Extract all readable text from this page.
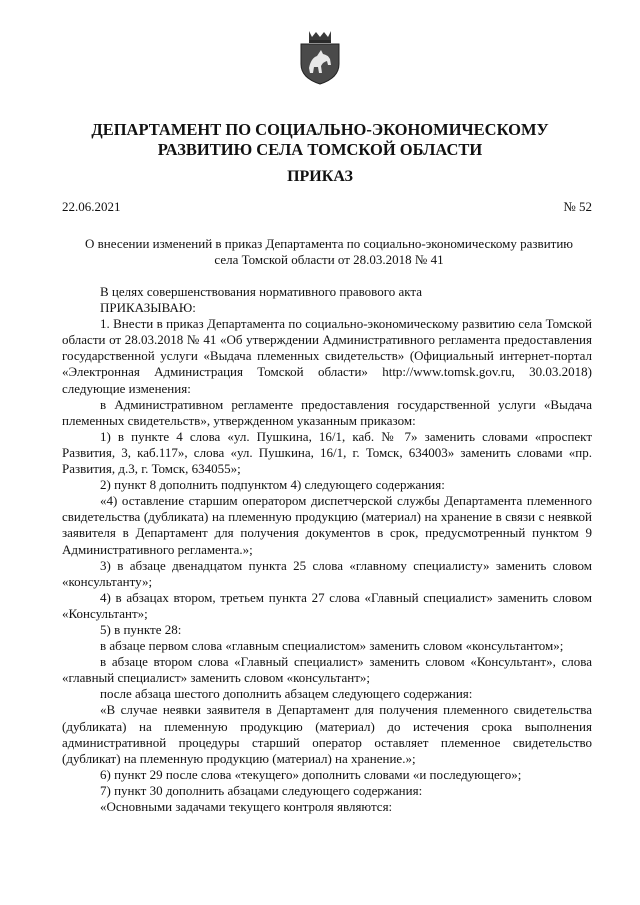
ДЕПАРТАМЕНТ ПО СОЦИАЛЬНО-ЭКОНОМИЧЕСКОМУ
РАЗВИТИЮ СЕЛА ТОМСКОЙ ОБЛАСТИ
ПРИКАЗ
22.06.2021	№ 52
О внесении изменений в приказ Департамента по социально-экономическому развитию
села Томской области от 28.03.2018 № 41

В целях совершенствования нормативного правового акта

ПРИКАЗЫВАЮ:

1. Внести в приказ Департамента по социально-экономическому развитию села Томской области от 28.03.2018 № 41 «Об утверждении Административного регламента предоставления государственной услуги «Выдача племенных свидетельств» (Официальный интернет-портал «Электронная Администрация Томской области» http://www.tomsk.gov.ru, 30.03.2018) следующие изменения:

в Административном регламенте предоставления государственной услуги «Выдача племенных свидетельств», утвержденном указанным приказом:

1) в пункте 4 слова «ул. Пушкина, 16/1, каб. № 7» заменить словами «проспект Развития, 3, каб.117», слова «ул. Пушкина, 16/1, г. Томск, 634003» заменить словами «пр. Развития, д.3, г. Томск, 634055»;

2) пункт 8 дополнить подпунктом 4) следующего содержания:

«4) оставление старшим оператором диспетчерской службы Департамента племенного свидетельства (дубликата) на племенную продукцию (материал) на хранение в связи с неявкой заявителя в Департамент для получения документов в срок, предусмотренный пунктом 9 Административного регламента.»;

3) в абзаце двенадцатом пункта 25 слова «главному специалисту» заменить словом «консультанту»;

4) в абзацах втором, третьем пункта 27 слова «Главный специалист» заменить словом «Консультант»;

5) в пункте 28:

в абзаце первом слова «главным специалистом» заменить словом «консультантом»;

в абзаце втором слова «Главный специалист» заменить словом «Консультант», слова «главный специалист» заменить словом «консультант»;

после абзаца шестого дополнить абзацем следующего содержания:

«В случае неявки заявителя в Департамент для получения племенного свидетельства (дубликата) на племенную продукцию (материал) до истечения срока выполнения административной процедуры старший оператор оставляет племенное свидетельство (дубликат) на племенную продукцию (материал) на хранение.»;

6) пункт 29 после слова «текущего» дополнить словами «и последующего»;

7) пункт 30 дополнить абзацами следующего содержания:

«Основными задачами текущего контроля являются:
